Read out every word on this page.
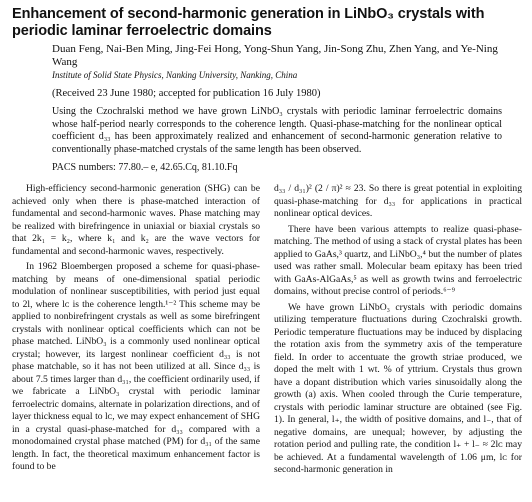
Enhancement of second-harmonic generation in LiNbO₃ crystals with periodic laminar ferroelectric domains
Duan Feng, Nai-Ben Ming, Jing-Fei Hong, Yong-Shun Yang, Jin-Song Zhu, Zhen Yang, and Ye-Ning Wang
Institute of Solid State Physics, Nanking University, Nanking, China
(Received 23 June 1980; accepted for publication 16 July 1980)
Using the Czochralski method we have grown LiNbO₃ crystals with periodic laminar ferroelectric domains whose half-period nearly corresponds to the coherence length. Quasi-phase-matching for the nonlinear optical coefficient d₃₃ has been approximately realized and enhancement of second-harmonic generation relative to conventionally phase-matched crystals of the same length has been observed.
PACS numbers: 77.80.– e, 42.65.Cq, 81.10.Fq

High-efficiency second-harmonic generation (SHG) can be achieved only when there is phase-matched interaction of fundamental and second-harmonic waves. Phase matching may be realized with birefringence in uniaxial or biaxial crystals so that 2k₁ = k₂, where k₁ and k₂ are the wave vectors for fundamental and second-harmonic waves, respectively.

In 1962 Bloembergen proposed a scheme for quasi-phase-matching by means of one-dimensional spatial periodic modulation of nonlinear susceptibilities, with period just equal to 2l, where lᴄ is the coherence length.¹⁻² This scheme may be applied to nonbirefringent crystals as well as some birefringent crystals with nonlinear optical coefficients which can not be phase matched. LiNbO₃ is a commonly used nonlinear optical crystal; however, its largest nonlinear coefficient d₃₃ is not phase matchable, so it has not been utilized at all. Since d₃₃ is about 7.5 times larger than d₃₁, the coefficient ordinarily used, if we fabricate a LiNbO₃ crystal with periodic laminar ferroelectric domains, alternate in polarization directions, and of layer thickness equal to lᴄ, we may expect enhancement of SHG in a crystal quasi-phase-matched for d₃₃ compared with a monodomained crystal phase matched (PM) for d₃₁ of the same length. In fact, the theoretical maximum enhancement factor is found to be

d₃₃ / d₃₁)² (2 / π)² ≈ 23. So there is great potential in exploiting quasi-phase-matching for d₃₃ for applications in practical nonlinear optical devices.

There have been various attempts to realize quasi-phase-matching. The method of using a stack of crystal plates has been applied to GaAs,³ quartz, and LiNbO₃,⁴ but the number of plates used was rather small. Molecular beam epitaxy has been tried with GaAs-AlGaAs,⁵ as well as growth twins and ferroelectric domains, without precise control of periods.⁶⁻⁹

We have grown LiNbO₃ crystals with periodic domains utilizing temperature fluctuations during Czochralski growth. Periodic temperature fluctuations may be induced by displacing the rotation axis from the symmetry axis of the temperature field. In order to accentuate the growth striae produced, we doped the melt with 1 wt. % of yttrium. Crystals thus grown have a dopant distribution which varies sinusoidally along the growth (a) axis. When cooled through the Curie temperature, crystals with periodic laminar structure are obtained (see Fig. 1). In general, l₊, the width of positive domains, and l₋, that of negative domains, are unequal; however, by adjusting the rotation period and pulling rate, the condition l₊ + l₋ ≈ 2lᴄ may be achieved. At a fundamental wavelength of 1.06 μm, lᴄ for second-harmonic generation in
